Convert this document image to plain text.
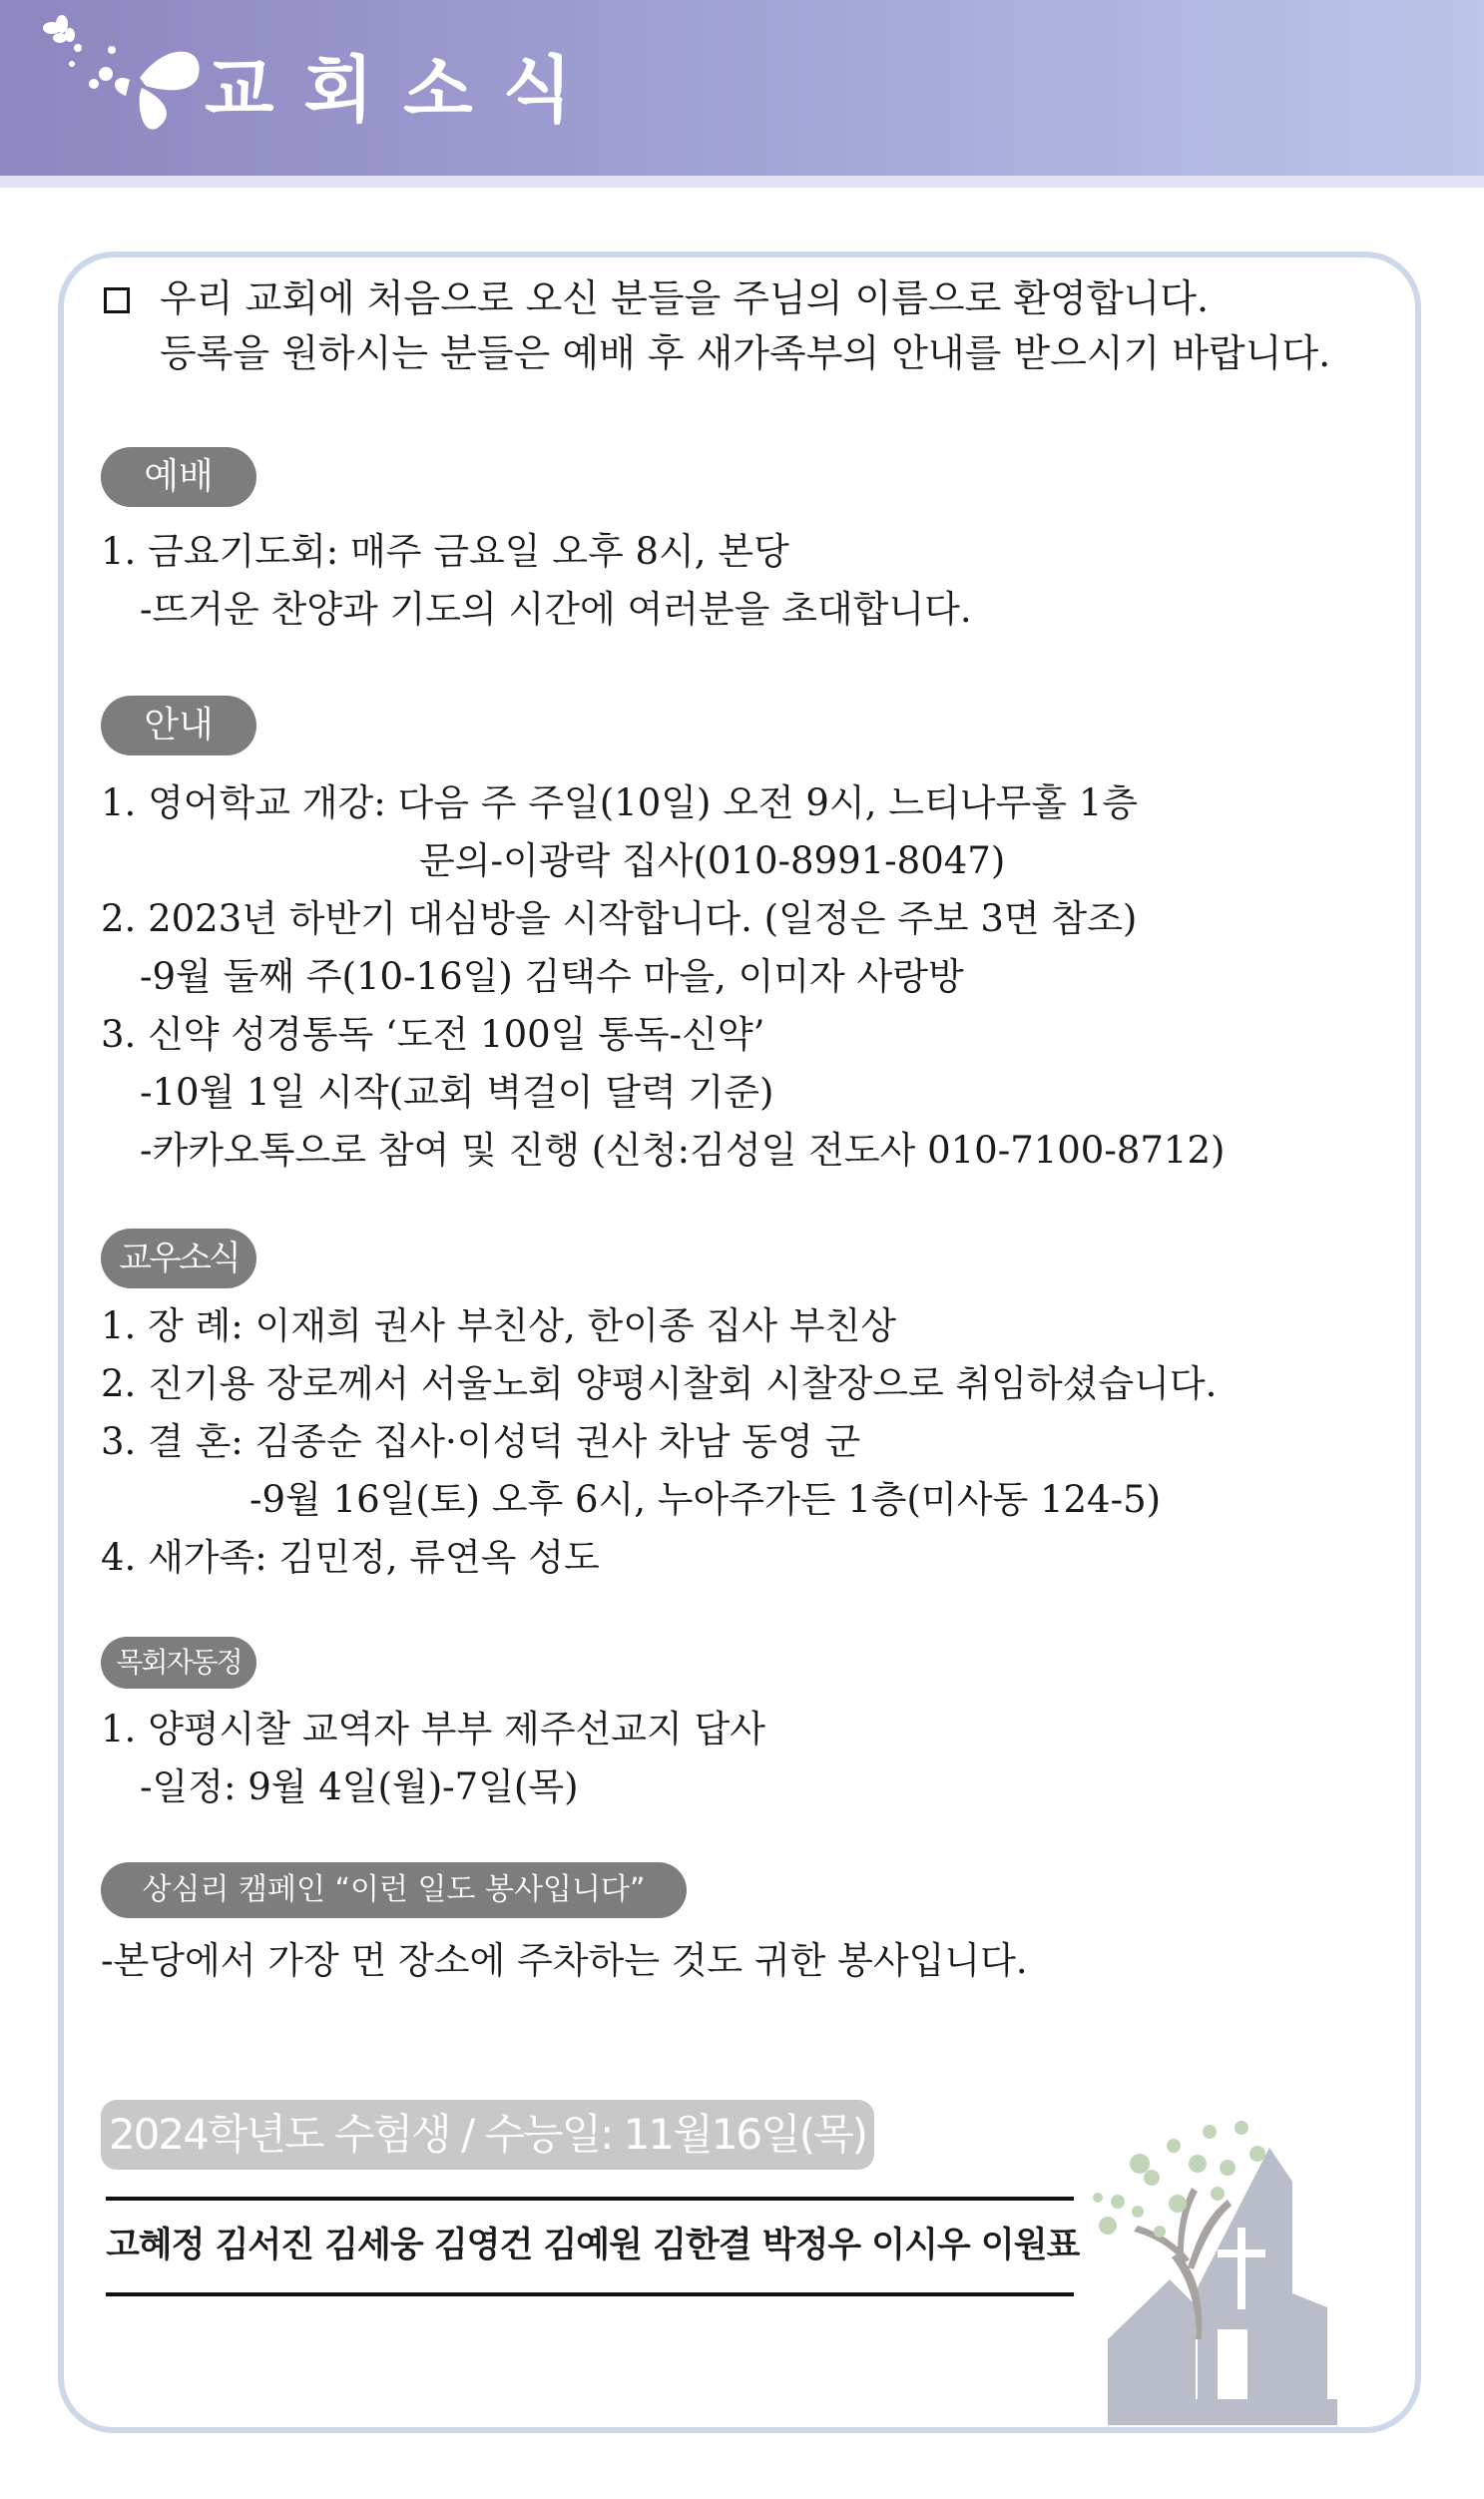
교회소식
우리 교회에 처음으로 오신 분들을 주님의 이름으로 환영합니다.
등록을 원하시는 분들은 예배 후 새가족부의 안내를 받으시기 바랍니다.
예배
1. 금요기도회: 매주 금요일 오후 8시, 본당
-뜨거운 찬양과 기도의 시간에 여러분을 초대합니다.
안내
1. 영어학교 개강: 다음 주 주일(10일) 오전 9시, 느티나무홀 1층
문의-이광락 집사(010-8991-8047)
2. 2023년 하반기 대심방을 시작합니다. (일정은 주보 3면 참조)
-9월 둘째 주(10-16일) 김택수 마을, 이미자 사랑방
3. 신약 성경통독 ‘도전 100일 통독-신약’
-10월 1일 시작(교회 벽걸이 달력 기준)
-카카오톡으로 참여 및 진행 (신청:김성일 전도사 010-7100-8712)
교우소식
1. 장 례: 이재희 권사 부친상, 한이종 집사 부친상
2. 진기용 장로께서 서울노회 양평시찰회 시찰장으로 취임하셨습니다.
3. 결 혼: 김종순 집사·이성덕 권사 차남 동영 군
-9월 16일(토) 오후 6시, 누아주가든 1층(미사동 124-5)
4. 새가족: 김민정, 류연옥 성도
목회자동정
1. 양평시찰 교역자 부부 제주선교지 답사
-일정: 9월 4일(월)-7일(목)
상심리 캠페인 “이런 일도 봉사입니다”
-본당에서 가장 먼 장소에 주차하는 것도 귀한 봉사입니다.
2024학년도 수험생 / 수능일: 11월16일(목)
고혜정 김서진 김세웅 김영건 김예원 김한결 박정우 이시우 이원표
